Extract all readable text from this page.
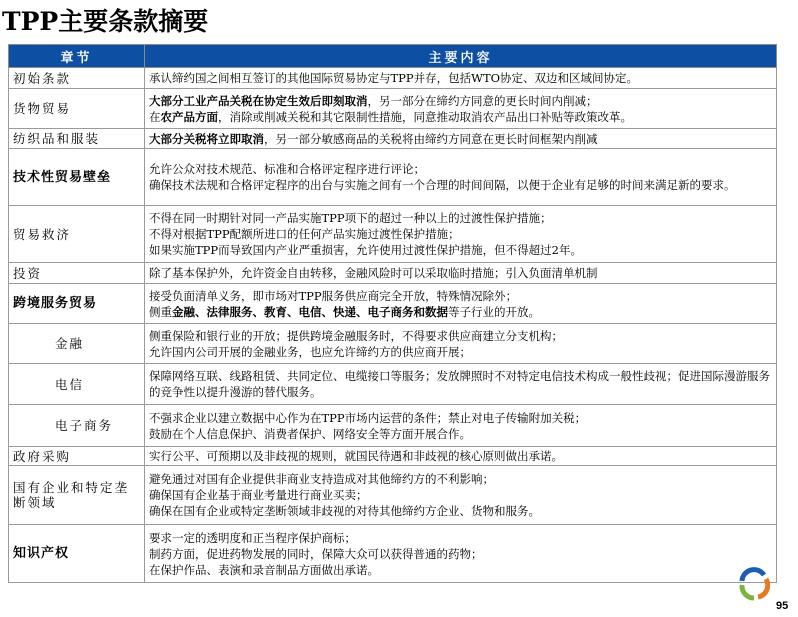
TPP主要条款摘要
章节	主要内容
初始条款	承认缔约国之间相互签订的其他国际贸易协定与TPP并存，包括WTO协定、双边和区域间协定。

货物贸易	大部分工业产品关税在协定生效后即刻取消，另一部分在缔约方同意的更长时间内削减；
在农产品方面，消除或削减关税和其它限制性措施，同意推动取消农产品出口补贴等政策改革。

纺织品和服装	大部分关税将立即取消，另一部分敏感商品的关税将由缔约方同意在更长时间框架内削减

技术性贸易壁垒	允许公众对技术规范、标准和合格评定程序进行评论；
确保技术法规和合格评定程序的出台与实施之间有一个合理的时间间隔，以便于企业有足够的时间来满足新的要求。

贸易救济	不得在同一时期针对同一产品实施TPP项下的超过一种以上的过渡性保护措施；
不得对根据TPP配额所进口的任何产品实施过渡性保护措施；
如果实施TPP而导致国内产业严重损害，允许使用过渡性保护措施，但不得超过2年。

投资	除了基本保护外，允许资金自由转移，金融风险时可以采取临时措施；引入负面清单机制

跨境服务贸易	接受负面清单义务，即市场对TPP服务供应商完全开放，特殊情况除外；
侧重金融、法律服务、教育、电信、快递、电子商务和数据等子行业的开放。

金融	侧重保险和银行业的开放；提供跨境金融服务时，不得要求供应商建立分支机构；
允许国内公司开展的金融业务，也应允许缔约方的供应商开展；

电信	保障网络互联、线路租赁、共同定位、电缆接口等服务；发放牌照时不对特定电信技术构成一般性歧视；促进国际漫游服务的竞争性以提升漫游的替代服务。

电子商务	不强求企业以建立数据中心作为在TPP市场内运营的条件；禁止对电子传输附加关税；
鼓励在个人信息保护、消费者保护、网络安全等方面开展合作。

政府采购	实行公平、可预期以及非歧视的规则，就国民待遇和非歧视的核心原则做出承诺。

国有企业和特定垄断领域	避免通过对国有企业提供非商业支持造成对其他缔约方的不利影响；
确保国有企业基于商业考量进行商业买卖；
确保在国有企业或特定垄断领域非歧视的对待其他缔约方企业、货物和服务。

知识产权	要求一定的透明度和正当程序保护商标；
制药方面，促进药物发展的同时，保障大众可以获得普通的药物；
在保护作品、表演和录音制品方面做出承诺。
95
